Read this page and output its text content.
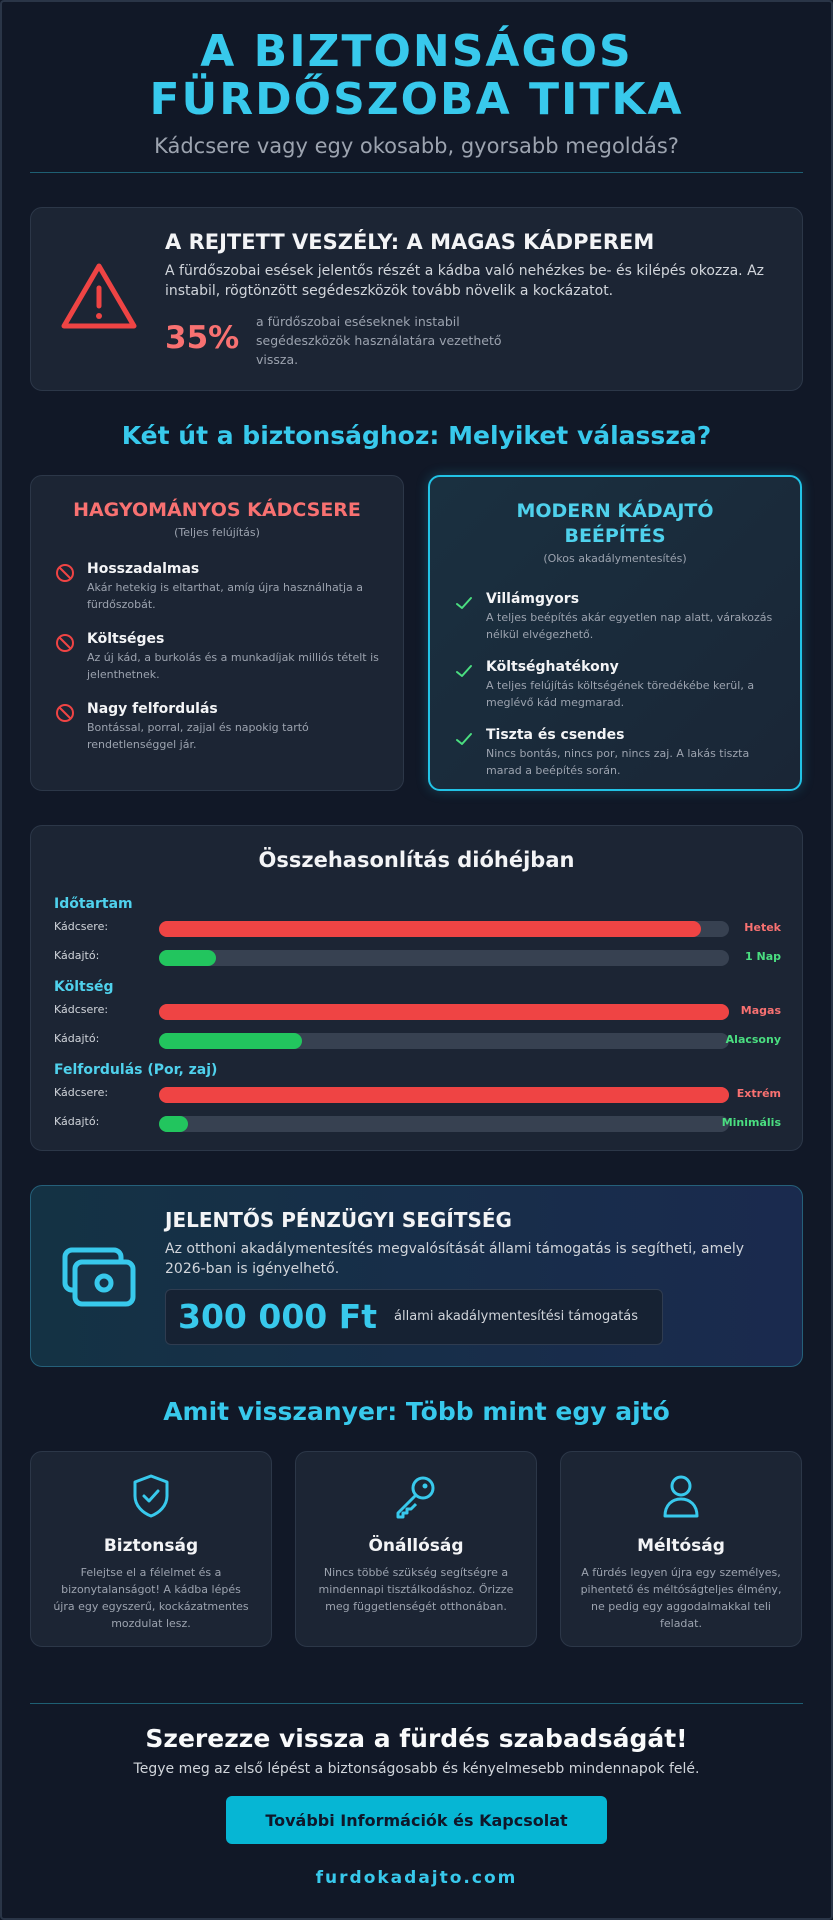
A BIZTONSÁGOS
FÜRDŐSZOBA TITKA
Kádcsere vagy egy okosabb, gyorsabb megoldás?
A REJTETT VESZÉLY: A MAGAS KÁDPEREM
A fürdőszobai esések jelentős részét a kádba való nehézkes be- és kilépés okozza. Az instabil, rögtönzött segédeszközök tovább növelik a kockázatot.
35% a fürdőszobai eséseknek instabil segédeszközök használatára vezethető vissza.
Két út a biztonsághoz: Melyiket válassza?
HAGYOMÁNYOS KÁDCSERE
(Teljes felújítás)
Hosszadalmas
Akár hetekig is eltarthat, amíg újra használhatja a fürdőszobát.
Költséges
Az új kád, a burkolás és a munkadíjak milliós tételt is jelenthetnek.
Nagy felfordulás
Bontással, porral, zajjal és napokig tartó rendetlenséggel jár.
MODERN KÁDAJTÓ BEÉPÍTÉS
(Okos akadálymentesítés)
Villámgyors
A teljes beépítés akár egyetlen nap alatt, várakozás nélkül elvégezhető.
Költséghatékony
A teljes felújítás költségének töredékébe kerül, a meglévő kád megmarad.
Tiszta és csendes
Nincs bontás, nincs por, nincs zaj. A lakás tiszta marad a beépítés során.
Összehasonlítás dióhéjban
Időtartam
Kádcsere:	Hetek
Kádajtó:	1 Nap
Költség
Kádcsere:	Magas
Kádajtó:	Alacsony
Felfordulás (Por, zaj)
Kádcsere:	Extrém
Kádajtó:	Minimális
JELENTŐS PÉNZÜGYI SEGÍTSÉG
Az otthoni akadálymentesítés megvalósítását állami támogatás is segítheti, amely 2026-ban is igényelhető.
300 000 Ft állami akadálymentesítési támogatás
Amit visszanyer: Több mint egy ajtó
Biztonság
Felejtse el a félelmet és a bizonytalanságot! A kádba lépés újra egy egyszerű, kockázatmentes mozdulat lesz.
Önállóság
Nincs többé szükség segítségre a mindennapi tisztálkodáshoz. Őrizze meg függetlenségét otthonában.
Méltóság
A fürdés legyen újra egy személyes, pihentető és méltóságteljes élmény, ne pedig egy aggodalmakkal teli feladat.
Szerezze vissza a fürdés szabadságát!
Tegye meg az első lépést a biztonságosabb és kényelmesebb mindennapok felé.
További Információk és Kapcsolat
furdokadajto.com
